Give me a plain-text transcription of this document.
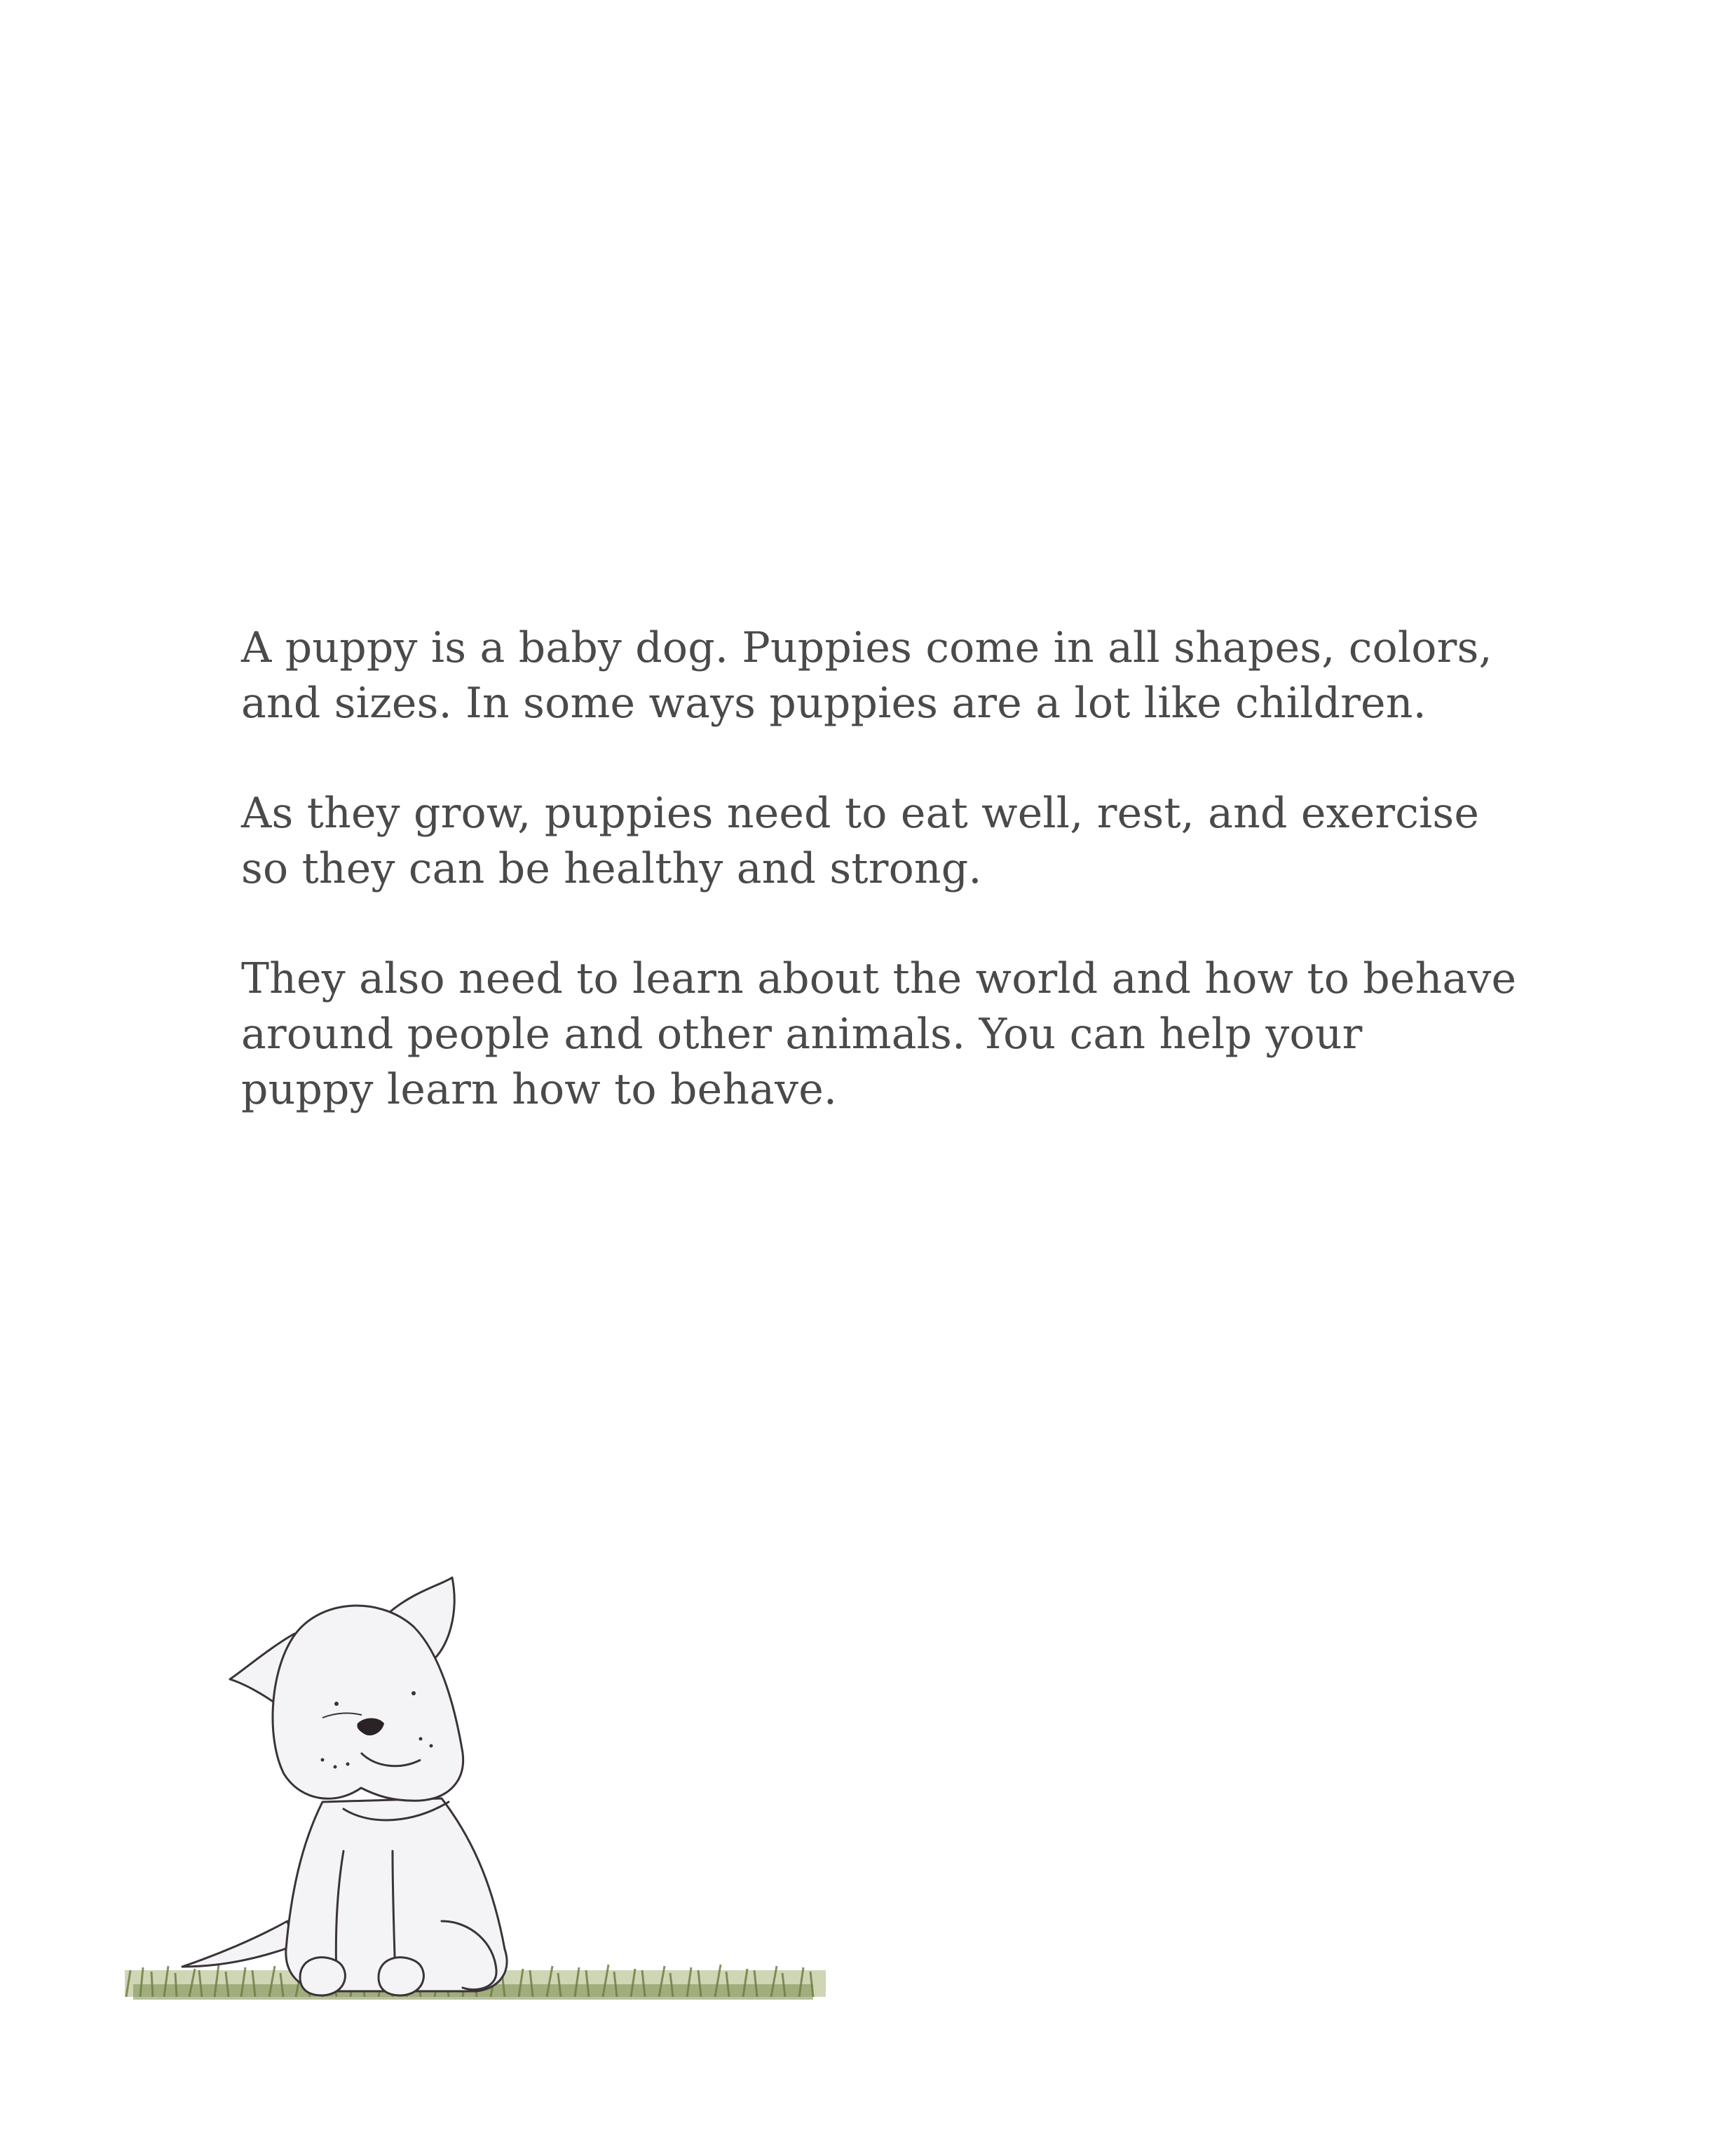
A puppy is a baby dog. Puppies come in all shapes, colors,
and sizes. In some ways puppies are a lot like children.

As they grow, puppies need to eat well, rest, and exercise
so they can be healthy and strong.

They also need to learn about the world and how to behave
around people and other animals. You can help your
puppy learn how to behave.
